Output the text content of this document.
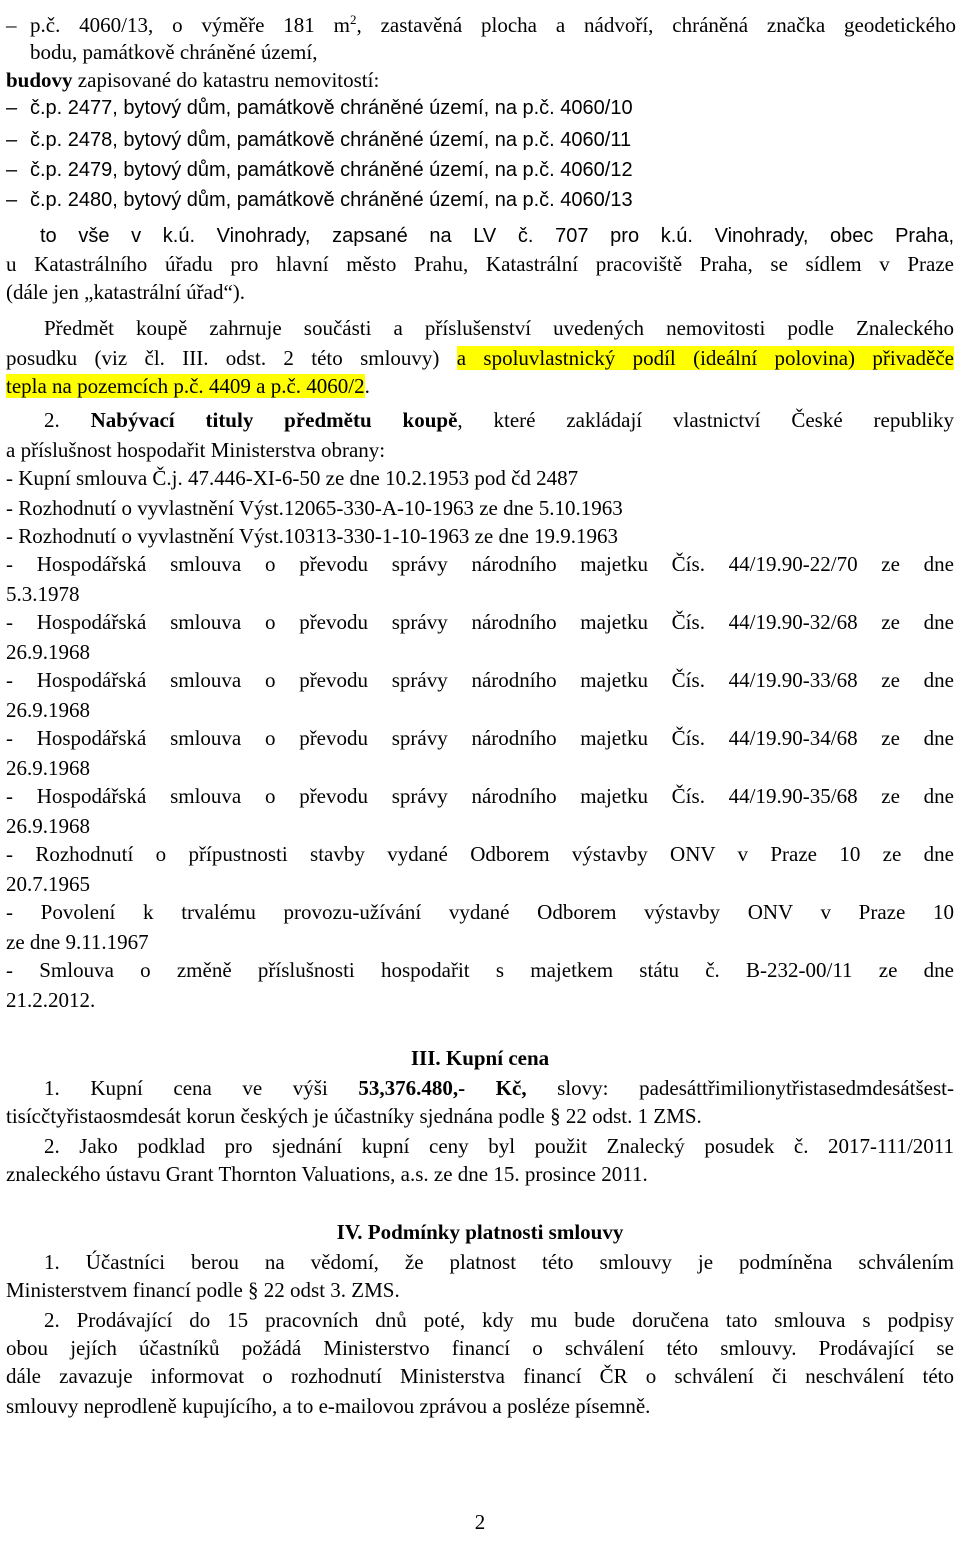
– p.č. 4060/13, o výměře 181 $m^2$, zastavěná plocha a nádvoří, chráněná značka geodetického
bodu, památkově chráněné území,
budovy zapisované do katastru nemovitostí:
– č.p. 2477, bytový dům, památkově chráněné území, na p.č. 4060/10
– č.p. 2478, bytový dům, památkově chráněné území, na p.č. 4060/11
– č.p. 2479, bytový dům, památkově chráněné území, na p.č. 4060/12
– č.p. 2480, bytový dům, památkově chráněné území, na p.č. 4060/13
to vše v k.ú. Vinohrady, zapsané na LV č. 707 pro k.ú. Vinohrady, obec Praha,
u Katastrálního úřadu pro hlavní město Prahu, Katastrální pracoviště Praha, se sídlem v Praze
(dále jen „katastrální úřad“).
Předmět koupě zahrnuje součásti a příslušenství uvedených nemovitosti podle Znaleckého
posudku (viz čl. III. odst. 2 této smlouvy) a spoluvlastnický podíl (ideální polovina) přivaděče
tepla na pozemcích p.č. 4409 a p.č. 4060/2.
2. Nabývací tituly předmětu koupě, které zakládají vlastnictví České republiky
a příslušnost hospodařit Ministerstva obrany:
- Kupní smlouva Č.j. 47.446-XI-6-50 ze dne 10.2.1953 pod čd 2487
- Rozhodnutí o vyvlastnění Výst.12065-330-A-10-1963 ze dne 5.10.1963
- Rozhodnutí o vyvlastnění Výst.10313-330-1-10-1963 ze dne 19.9.1963
- Hospodářská smlouva o převodu správy národního majetku Čís. 44/19.90-22/70 ze dne
5.3.1978
- Hospodářská smlouva o převodu správy národního majetku Čís. 44/19.90-32/68 ze dne
26.9.1968
- Hospodářská smlouva o převodu správy národního majetku Čís. 44/19.90-33/68 ze dne
26.9.1968
- Hospodářská smlouva o převodu správy národního majetku Čís. 44/19.90-34/68 ze dne
26.9.1968
- Hospodářská smlouva o převodu správy národního majetku Čís. 44/19.90-35/68 ze dne
26.9.1968
- Rozhodnutí o přípustnosti stavby vydané Odborem výstavby ONV v Praze 10 ze dne
20.7.1965
- Povolení k trvalému provozu-užívání vydané Odborem výstavby ONV v Praze 10
ze dne 9.11.1967
- Smlouva o změně příslušnosti hospodařit s majetkem státu č. B-232-00/11 ze dne
21.2.2012.
III. Kupní cena
1. Kupní cena ve výši 53,376.480,- Kč, slovy: padesáttřimilionytřistasedmdesátšest-
tisícčtyřistaosmdesát korun českých je účastníky sjednána podle § 22 odst. 1 ZMS.
2. Jako podklad pro sjednání kupní ceny byl použit Znalecký posudek č. 2017-111/2011
znaleckého ústavu Grant Thornton Valuations, a.s. ze dne 15. prosince 2011.
IV. Podmínky platnosti smlouvy
1. Účastníci berou na vědomí, že platnost této smlouvy je podmíněna schválením
Ministerstvem financí podle § 22 odst 3. ZMS.
2. Prodávající do 15 pracovních dnů poté, kdy mu bude doručena tato smlouva s podpisy
obou jejích účastníků požádá Ministerstvo financí o schválení této smlouvy. Prodávající se
dále zavazuje informovat o rozhodnutí Ministerstva financí ČR o schválení či neschválení této
smlouvy neprodleně kupujícího, a to e-mailovou zprávou a posléze písemně.
2
